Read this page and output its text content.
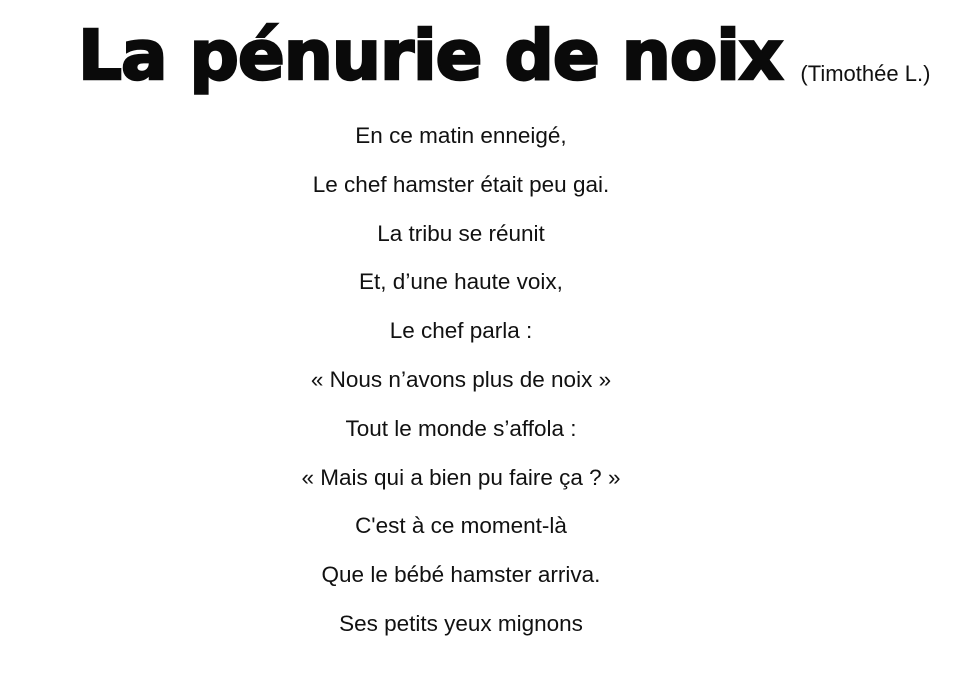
La pénurie de noix (Timothée L.)
En ce matin enneigé,
Le chef hamster était peu gai.
La tribu se réunit
Et, d’une haute voix,
Le chef parla :
« Nous n’avons plus de noix »
Tout le monde s’affola :
« Mais qui a bien pu faire ça ? »
C'est à ce moment-là
Que le bébé hamster arriva.
Ses petits yeux mignons
